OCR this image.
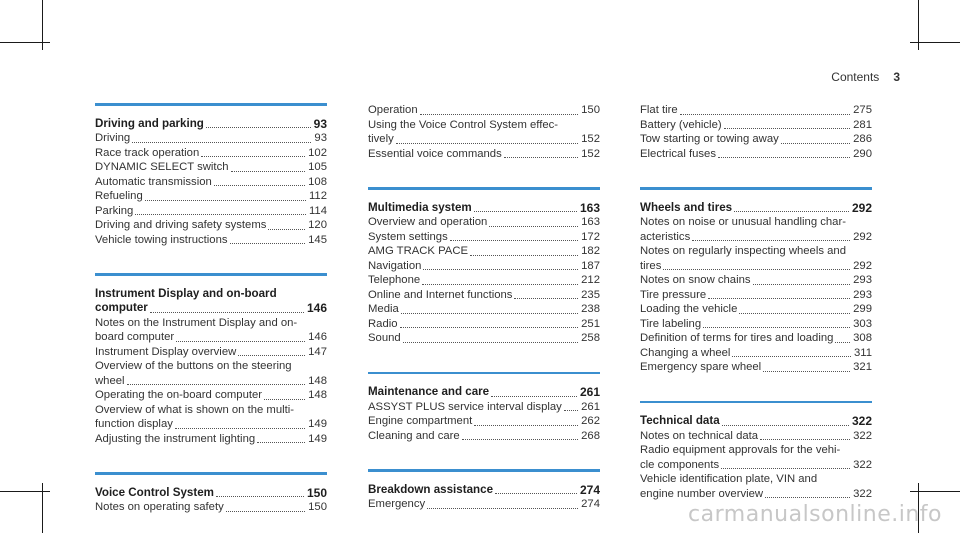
Contents 3
Driving and parking	93
Driving	93
Race track operation	102
DYNAMIC SELECT switch	105
Automatic transmission	108
Refueling	112
Parking	114
Driving and driving safety systems	120
Vehicle towing instructions	145
Instrument Display and on-board
computer	146
Notes on the Instrument Display and on-
board computer	146
Instrument Display overview	147
Overview of the buttons on the steering
wheel	148
Operating the on-board computer	148
Overview of what is shown on the multi-
function display	149
Adjusting the instrument lighting	149
Voice Control System	150
Notes on operating safety	150
Operation	150
Using the Voice Control System effec-
tively	152
Essential voice commands	152
Multimedia system	163
Overview and operation	163
System settings	172
AMG TRACK PACE	182
Navigation	187
Telephone	212
Online and Internet functions	235
Media	238
Radio	251
Sound	258
Maintenance and care	261
ASSYST PLUS service interval display 261
Engine compartment	262
Cleaning and care	268
Breakdown assistance	274
Emergency	274
Flat tire	275
Battery (vehicle)	281
Tow starting or towing away	286
Electrical fuses	290
Wheels and tires	292
Notes on noise or unusual handling char-
acteristics	292
Notes on regularly inspecting wheels and
tires	292
Notes on snow chains	293
Tire pressure	293
Loading the vehicle	299
Tire labeling	303
Definition of terms for tires and loading 308
Changing a wheel	311
Emergency spare wheel	321
Technical data	322
Notes on technical data	322
Radio equipment approvals for the vehi-
cle components	322
Vehicle identification plate, VIN and
engine number overview	322
carmanualsonline.info
